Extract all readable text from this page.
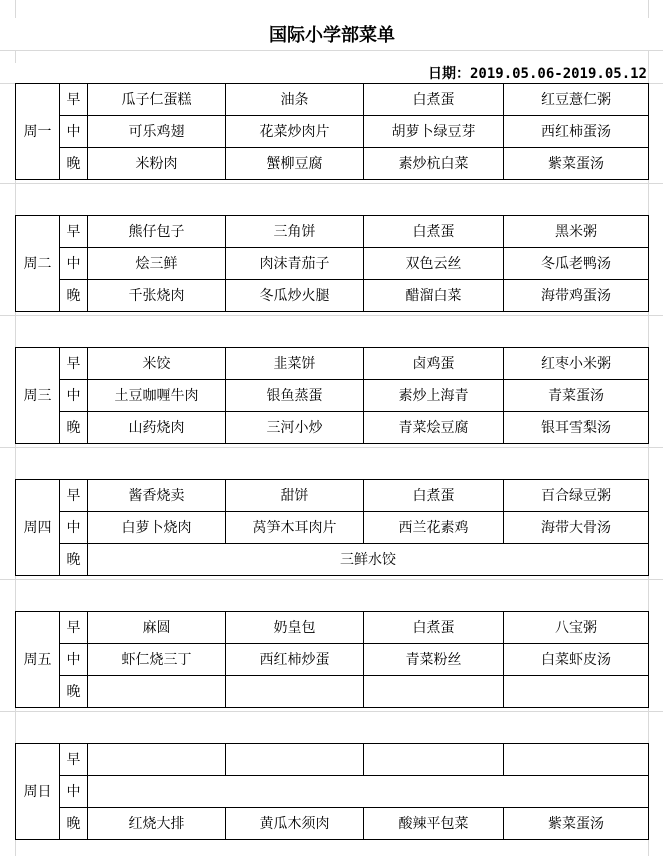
国际小学部菜单
日期：2019.05.06-2019.05.12
周一	早	瓜子仁蛋糕	油条	白煮蛋	红豆薏仁粥
	中	可乐鸡翅	花菜炒肉片	胡萝卜绿豆芽	西红柿蛋汤
	晚	米粉肉	蟹柳豆腐	素炒杭白菜	紫菜蛋汤
周二	早	熊仔包子	三角饼	白煮蛋	黑米粥
	中	烩三鲜	肉沫青茄子	双色云丝	冬瓜老鸭汤
	晚	千张烧肉	冬瓜炒火腿	醋溜白菜	海带鸡蛋汤
周三	早	米饺	韭菜饼	卤鸡蛋	红枣小米粥
	中	土豆咖喱牛肉	银鱼蒸蛋	素炒上海青	青菜蛋汤
	晚	山药烧肉	三河小炒	青菜烩豆腐	银耳雪梨汤
周四	早	酱香烧卖	甜饼	白煮蛋	百合绿豆粥
	中	白萝卜烧肉	莴笋木耳肉片	西兰花素鸡	海带大骨汤
	晚	三鲜水饺			
周五	早	麻圆	奶皇包	白煮蛋	八宝粥
	中	虾仁烧三丁	西红柿炒蛋	青菜粉丝	白菜虾皮汤
	晚				
周日	早				
	中				
	晚	红烧大排	黄瓜木须肉	酸辣平包菜	紫菜蛋汤
